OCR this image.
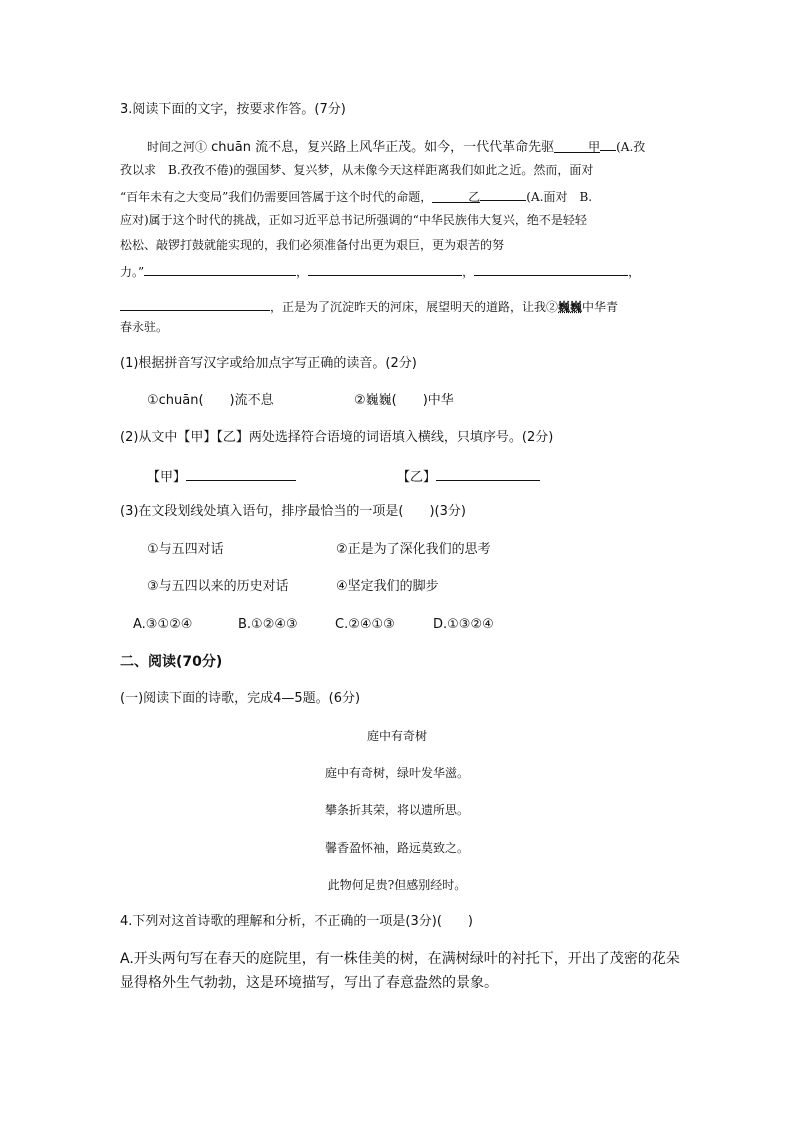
3.阅读下面的文字，按要求作答。(7分)
时间之河① chuān 流不息，复兴路上风华正茂。如今，一代代革命先驱	甲 (A.孜
孜以求　B.孜孜不倦)的强国梦、复兴梦，从未像今天这样距离我们如此之近。然而，面对
“百年未有之大变局”我们仍需要回答属于这个时代的命题，	乙	(A.面对　B.
应对)属于这个时代的挑战，正如习近平总书记所强调的“中华民族伟大复兴，绝不是轻轻
松松、敲锣打鼓就能实现的，我们必须准备付出更为艰巨，更为艰苦的努
力。”	，	，	，
，正是为了沉淀昨天的河床，展望明天的道路，让我②巍巍中华青
春永驻。
(1)根据拼音写汉字或给加点字写正确的读音。(2分)
①chuān(　　)流不息	②巍巍(　　)中华
(2)从文中【甲】【乙】两处选择符合语境的词语填入横线，只填序号。(2分)
【甲】	【乙】
(3)在文段划线处填入语句，排序最恰当的一项是(　　)(3分)
①与五四对话	②正是为了深化我们的思考
③与五四以来的历史对话	④坚定我们的脚步
A.③①②④	B.①②④③	C.②④①③	D.①③②④
二、阅读(70分)
(一)阅读下面的诗歌，完成4—5题。(6分)
庭中有奇树
庭中有奇树，绿叶发华滋。
攀条折其荣，将以遗所思。
馨香盈怀袖，路远莫致之。
此物何足贵?但感别经时。
4.下列对这首诗歌的理解和分析，不正确的一项是(3分)(　　)
A.开头两句写在春天的庭院里，有一株佳美的树，在满树绿叶的衬托下，开出了茂密的花朵
显得格外生气勃勃，这是环境描写，写出了春意盎然的景象。
